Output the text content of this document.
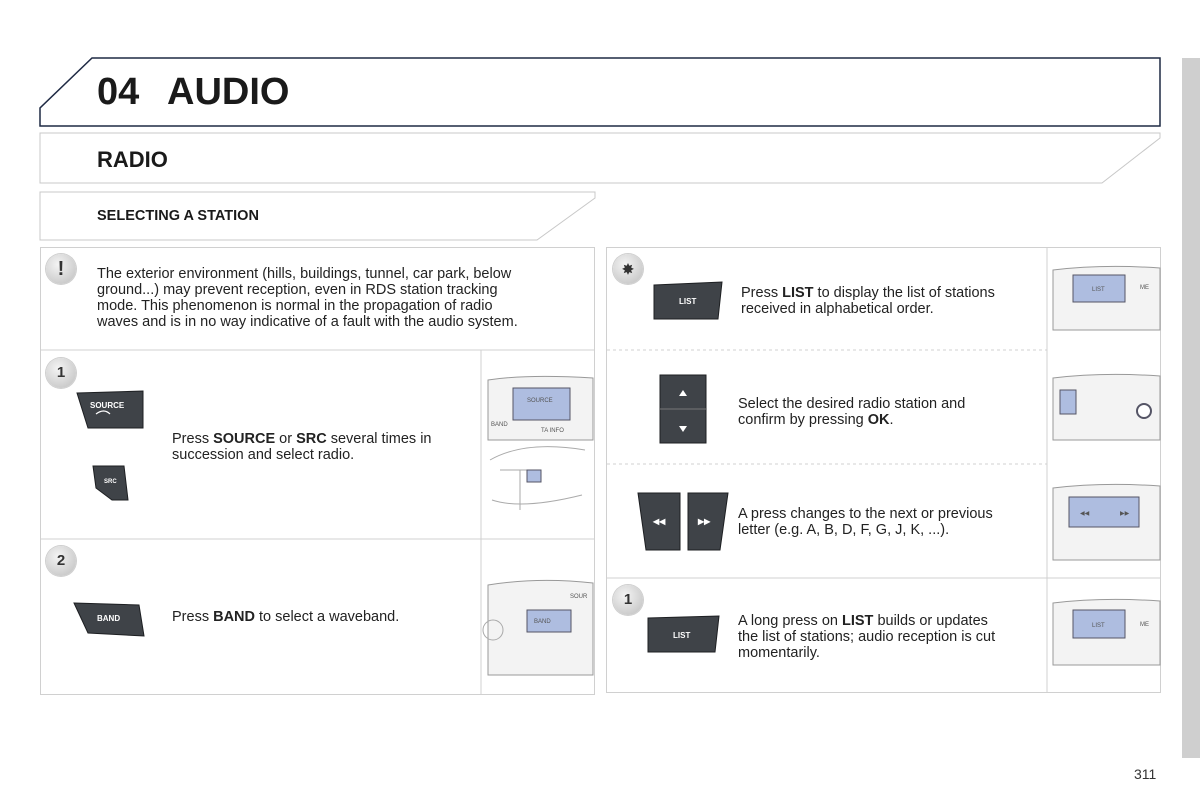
04 AUDIO
RADIO
SELECTING A STATION
!	The exterior environment (hills, buildings, tunnel, car park, below
ground...) may prevent reception, even in RDS station tracking
mode. This phenomenon is normal in the propagation of radio
waves and is in no way indicative of a fault with the audio system.
1
SOURCE
SRC
Press SOURCE or SRC several times in
succession and select radio.
SOURCE
BAND
TA INFO
2
BAND	Press BAND to select a waveband.	BAND
SOUR
✸
LIST
Press LIST to display the list of stations
received in alphabetical order.
LIST	ME
Select the desired radio station and
confirm by pressing OK.
◀◀	▶▶ A press changes to the next or previous
letter (e.g. A, B, D, F, G, J, K, ...).
◀◀	▶▶
1
LIST
A long press on LIST builds or updates
the list of stations; audio reception is cut
momentarily.
LIST	ME
311
